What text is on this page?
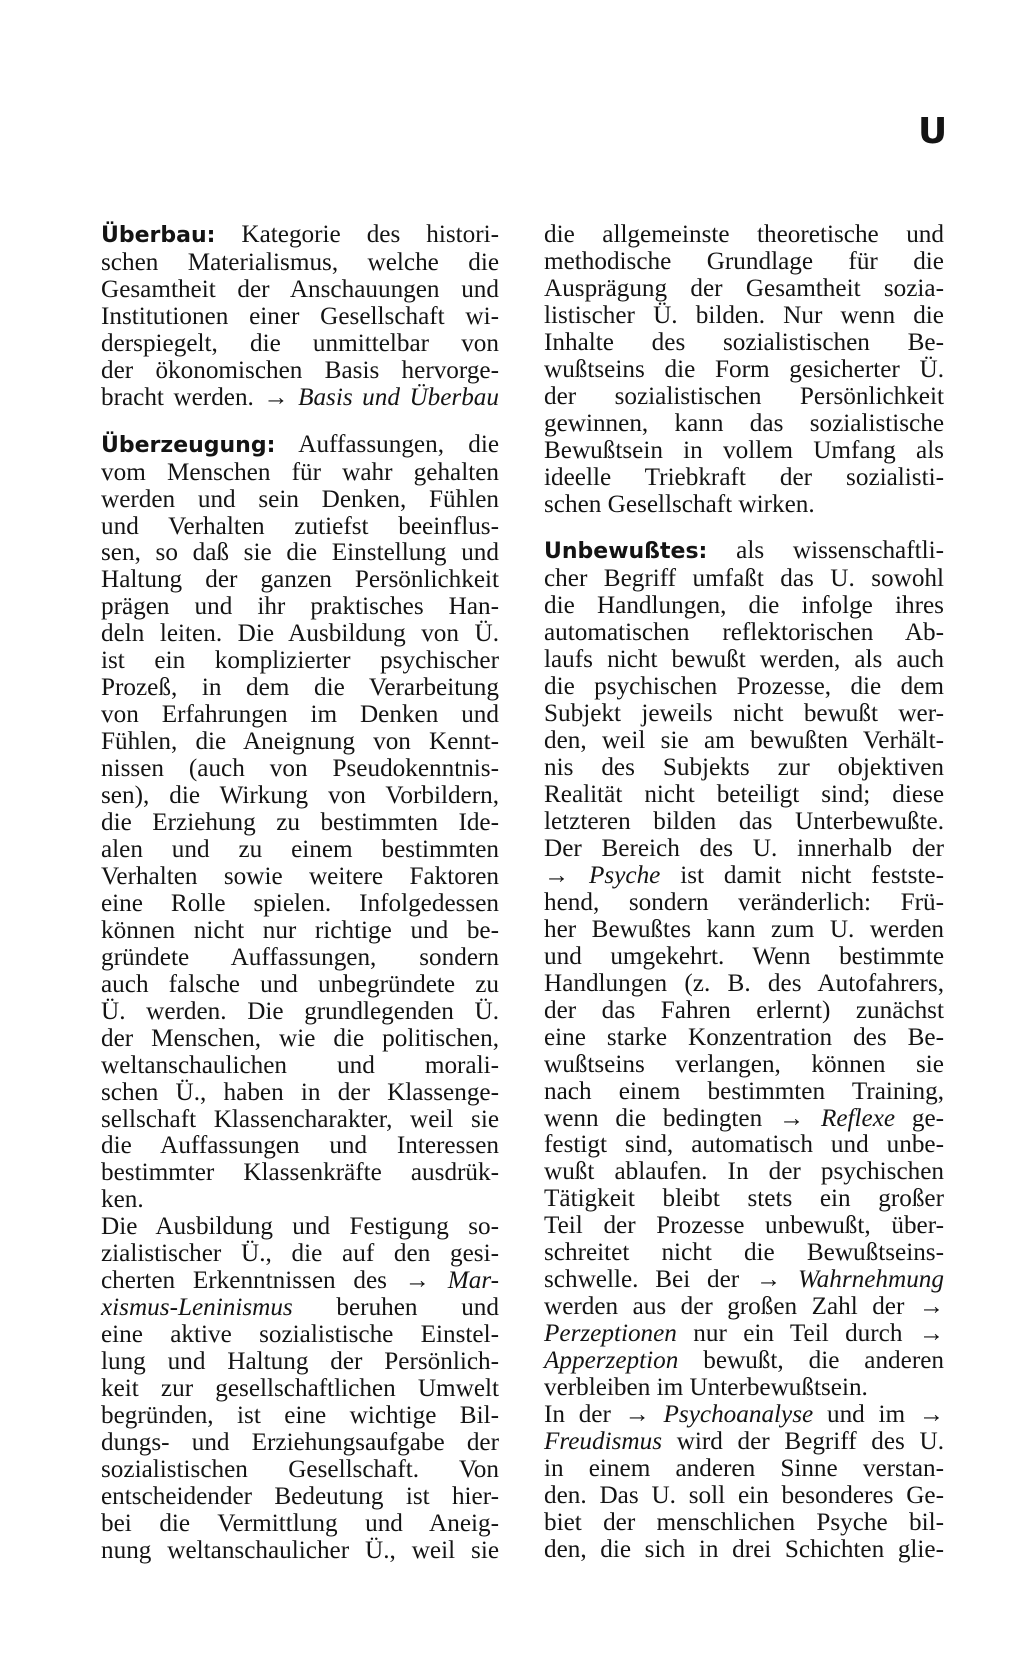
U
Überbau: Kategorie des histori-
schen Materialismus, welche die
Gesamtheit der Anschauungen und
Institutionen einer Gesellschaft wi-
derspiegelt, die unmittelbar von
der ökonomischen Basis hervorge-
bracht werden. → Basis und Überbau
Überzeugung: Auffassungen, die
vom Menschen für wahr gehalten
werden und sein Denken, Fühlen
und Verhalten zutiefst beeinflus-
sen, so daß sie die Einstellung und
Haltung der ganzen Persönlichkeit
prägen und ihr praktisches Han-
deln leiten. Die Ausbildung von Ü.
ist ein komplizierter psychischer
Prozeß, in dem die Verarbeitung
von Erfahrungen im Denken und
Fühlen, die Aneignung von Kennt-
nissen (auch von Pseudokenntnis-
sen), die Wirkung von Vorbildern,
die Erziehung zu bestimmten Ide-
alen und zu einem bestimmten
Verhalten sowie weitere Faktoren
eine Rolle spielen. Infolgedessen
können nicht nur richtige und be-
gründete Auffassungen, sondern
auch falsche und unbegründete zu
Ü. werden. Die grundlegenden Ü.
der Menschen, wie die politischen,
weltanschaulichen und morali-
schen Ü., haben in der Klassenge-
sellschaft Klassencharakter, weil sie
die Auffassungen und Interessen
bestimmter Klassenkräfte ausdrük-
ken.
Die Ausbildung und Festigung so-
zialistischer Ü., die auf den gesi-
cherten Erkenntnissen des → Mar-
xismus-Leninismus beruhen und
eine aktive sozialistische Einstel-
lung und Haltung der Persönlich-
keit zur gesellschaftlichen Umwelt
begründen, ist eine wichtige Bil-
dungs- und Erziehungsaufgabe der
sozialistischen Gesellschaft. Von
entscheidender Bedeutung ist hier-
bei die Vermittlung und Aneig-
nung weltanschaulicher Ü., weil sie
die allgemeinste theoretische und
methodische Grundlage für die
Ausprägung der Gesamtheit sozia-
listischer Ü. bilden. Nur wenn die
Inhalte des sozialistischen Be-
wußtseins die Form gesicherter Ü.
der sozialistischen Persönlichkeit
gewinnen, kann das sozialistische
Bewußtsein in vollem Umfang als
ideelle Triebkraft der sozialisti-
schen Gesellschaft wirken.
Unbewußtes: als wissenschaftli-
cher Begriff umfaßt das U. sowohl
die Handlungen, die infolge ihres
automatischen reflektorischen Ab-
laufs nicht bewußt werden, als auch
die psychischen Prozesse, die dem
Subjekt jeweils nicht bewußt wer-
den, weil sie am bewußten Verhält-
nis des Subjekts zur objektiven
Realität nicht beteiligt sind; diese
letzteren bilden das Unterbewußte.
Der Bereich des U. innerhalb der
→ Psyche ist damit nicht festste-
hend, sondern veränderlich: Frü-
her Bewußtes kann zum U. werden
und umgekehrt. Wenn bestimmte
Handlungen (z. B. des Autofahrers,
der das Fahren erlernt) zunächst
eine starke Konzentration des Be-
wußtseins verlangen, können sie
nach einem bestimmten Training,
wenn die bedingten → Reflexe ge-
festigt sind, automatisch und unbe-
wußt ablaufen. In der psychischen
Tätigkeit bleibt stets ein großer
Teil der Prozesse unbewußt, über-
schreitet nicht die Bewußtseins-
schwelle. Bei der → Wahrnehmung
werden aus der großen Zahl der →
Perzeptionen nur ein Teil durch →
Apperzeption bewußt, die anderen
verbleiben im Unterbewußtsein.
In der → Psychoanalyse und im →
Freudismus wird der Begriff des U.
in einem anderen Sinne verstan-
den. Das U. soll ein besonderes Ge-
biet der menschlichen Psyche bil-
den, die sich in drei Schichten glie-
